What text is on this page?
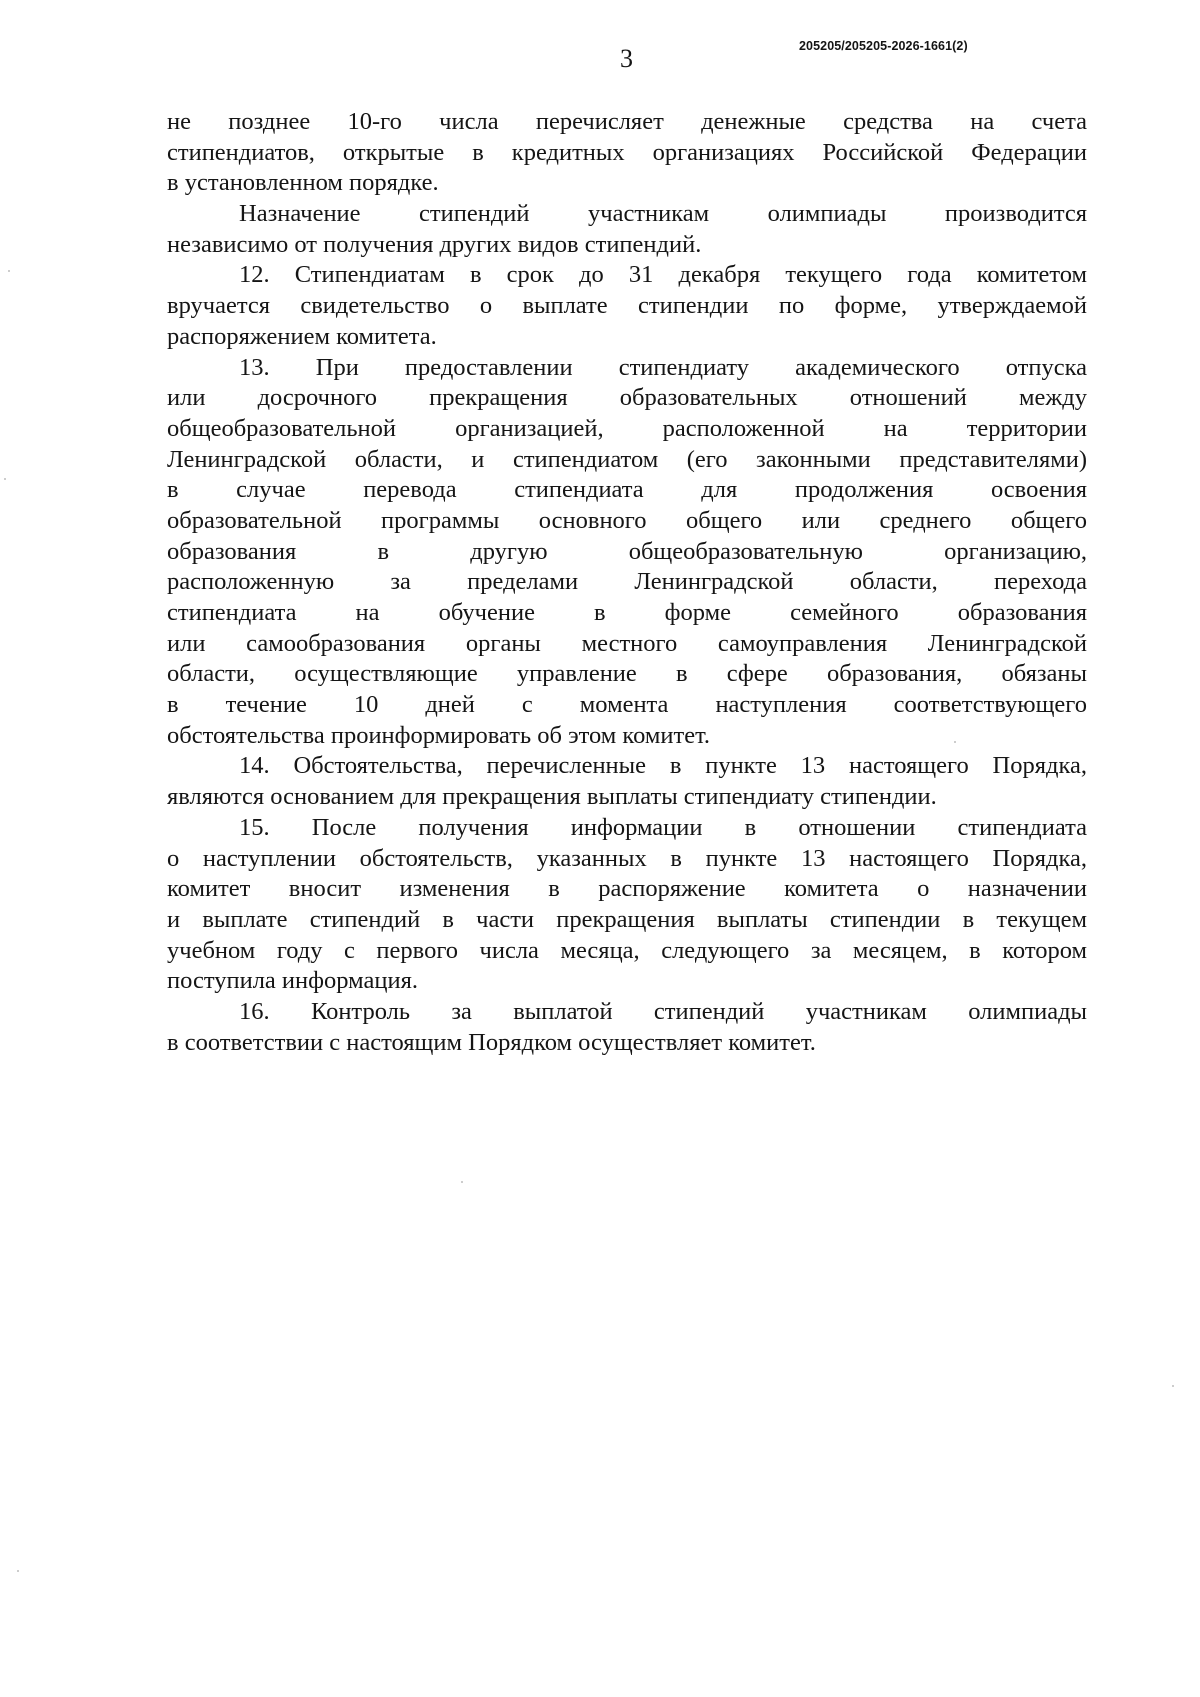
3	205205/205205-2026-1661(2)

не позднее 10-го числа перечисляет денежные средства на счета
стипендиатов, открытые в кредитных организациях Российской Федерации
в установленном порядке.

Назначение стипендий участникам олимпиады производится
независимо от получения других видов стипендий.

12. Стипендиатам в срок до 31 декабря текущего года комитетом
вручается свидетельство о выплате стипендии по форме, утверждаемой
распоряжением комитета.

13. При предоставлении стипендиату академического отпуска
или досрочного прекращения образовательных отношений между
общеобразовательной организацией, расположенной на территории
Ленинградской области, и стипендиатом (его законными представителями)
в случае перевода стипендиата для продолжения освоения
образовательной программы основного общего или среднего общего
образования в другую общеобразовательную организацию,
расположенную за пределами Ленинградской области, перехода
стипендиата на обучение в форме семейного образования
или самообразования органы местного самоуправления Ленинградской
области, осуществляющие управление в сфере образования, обязаны
в течение 10 дней с момента наступления соответствующего
обстоятельства проинформировать об этом комитет.

14. Обстоятельства, перечисленные в пункте 13 настоящего Порядка,
являются основанием для прекращения выплаты стипендиату стипендии.

15. После получения информации в отношении стипендиата
о наступлении обстоятельств, указанных в пункте 13 настоящего Порядка,
комитет вносит изменения в распоряжение комитета о назначении
и выплате стипендий в части прекращения выплаты стипендии в текущем
учебном году с первого числа месяца, следующего за месяцем, в котором
поступила информация.

16. Контроль за выплатой стипендий участникам олимпиады
в соответствии с настоящим Порядком осуществляет комитет.
